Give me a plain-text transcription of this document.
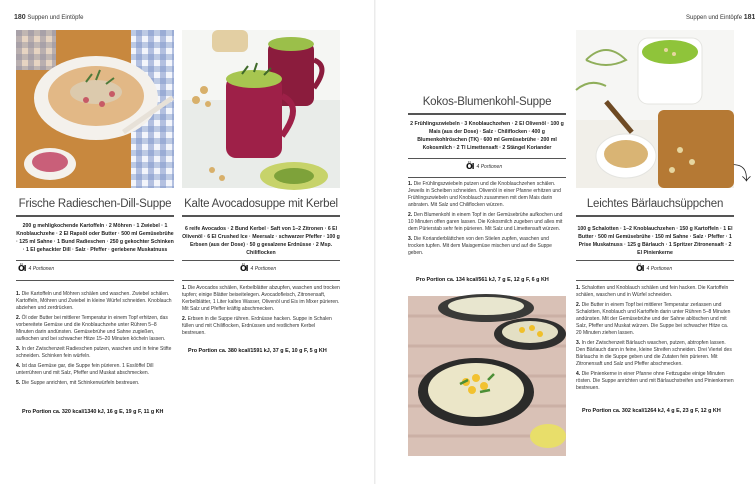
180 Suppen und Eintöpfe	Suppen und Eintöpfe 181
Frische Radieschen-Dill-Suppe
200 g mehligkochende Kartoffeln · 2 Möhren · 1 Zwiebel · 1 Knoblauchzehe · 2 El Rapsöl oder Butter · 500 ml Gemüsebrühe · 125 ml Sahne · 1 Bund Radieschen · 250 g gekochter Schinken · 1 El gehackter Dill · Salz · Pfeffer · geriebene Muskatnuss
Öl 4 Portionen

1. Die Kartoffeln und Möhren schälen und waschen. Zwiebel schälen. Kartoffeln, Möhren und Zwiebel in kleine Würfel schneiden. Knoblauch abziehen und zerdrücken.

2. Öl oder Butter bei mittlerer Temperatur in einem Topf erhitzen, das vorbereitete Gemüse und die Knoblauchzehe unter Rühren 5–8 Minuten darin andünsten. Gemüsebrühe und Sahne zugießen, aufkochen und bei schwacher Hitze 15–20 Minuten köcheln lassen.

3. In der Zwischenzeit Radieschen putzen, waschen und in feine Stifte schneiden. Schinken fein würfeln.

4. Ist das Gemüse gar, die Suppe fein pürieren. 1 Esslöffel Dill unterrühren und mit Salz, Pfeffer und Muskat abschmecken.

5. Die Suppe anrichten, mit Schinkenwürfeln bestreuen.

Pro Portion ca. 320 kcal/1340 kJ, 16 g E, 19 g F, 11 g KH
Kalte Avocadosuppe mit Kerbel
6 reife Avocados · 2 Bund Kerbel · Saft von 1–2 Zitronen · 6 El Olivenöl · 6 El Crushed Ice · Meersalz · schwarzer Pfeffer · 100 g Erbsen (aus der Dose) · 50 g gesalzene Erdnüsse · 2 Msp. Chiliflocken
Öl 4 Portionen

1. Die Avocados schälen, Kerbelblätter abzupfen, waschen und trocken tupfen; einige Blätter beiseitelegen. Avocadofleisch, Zitronensaft, Kerbelblätter, 1 Liter kaltes Wasser, Olivenöl und Eis im Mixer pürieren. Mit Salz und Pfeffer kräftig abschmecken.

2. Erbsen in die Suppe rühren. Erdnüsse hacken. Suppe in Schalen füllen und mit Chiliflocken, Erdnüssen und restlichem Kerbel bestreuen.

Pro Portion ca. 380 kcal/1591 kJ, 37 g E, 10 g F, 5 g KH
Kokos-Blumenkohl-Suppe
2 Frühlingszwiebeln · 3 Knoblauchzehen · 2 El Olivenöl · 100 g Mais (aus der Dose) · Salz · Chiliflocken · 400 g Blumenkohlröschen (TK) · 600 ml Gemüsebrühe · 200 ml Kokosmilch · 2 Tl Limettensaft · 2 Stängel Koriander
Öl 4 Portionen

1. Die Frühlingszwiebeln putzen und die Knoblauchzehen schälen. Jeweils in Scheiben schneiden. Olivenöl in einer Pfanne erhitzen und Frühlingszwiebeln und Knoblauch zusammen mit dem Mais darin anbraten. Mit Salz und Chiliflocken würzen.

2. Den Blumenkohl in einem Topf in der Gemüsebrühe aufkochen und 10 Minuten offen garen lassen. Die Kokosmilch zugeben und alles mit dem Pürierstab sehr fein pürieren. Mit Salz und Limettensaft würzen.

3. Die Korianderblättchen von den Stielen zupfen, waschen und trocken tupfen. Mit dem Maisgemüse mischen und auf die Suppe geben.

Pro Portion ca. 134 kcal/561 kJ, 7 g E, 12 g F, 6 g KH
⤵
Leichtes Bärlauchsüppchen
100 g Schalotten · 1–2 Knoblauchzehen · 150 g Kartoffeln · 1 El Butter · 500 ml Gemüsebrühe · 150 ml Sahne · Salz · Pfeffer · 1 Prise Muskatnuss · 125 g Bärlauch · 1 Spritzer Zitronensaft · 2 El Pinienkerne
Öl 4 Portionen

1. Schalotten und Knoblauch schälen und fein hacken. Die Kartoffeln schälen, waschen und in Würfel schneiden.

2. Die Butter in einem Topf bei mittlerer Temperatur zerlassen und Schalotten, Knoblauch und Kartoffeln darin unter Rühren 5–8 Minuten andünsten. Mit der Gemüsebrühe und der Sahne ablöschen und mit Salz, Pfeffer und Muskat würzen. Die Suppe bei schwacher Hitze ca. 20 Minuten ziehen lassen.

3. In der Zwischenzeit Bärlauch waschen, putzen, abtropfen lassen. Den Bärlauch dann in feine, kleine Streifen schneiden. Drei Viertel des Bärlauchs in die Suppe geben und die Zutaten fein pürieren. Mit Zitronensaft und Salz und Pfeffer abschmecken.

4. Die Pinienkerne in einer Pfanne ohne Fettzugabe einige Minuten rösten. Die Suppe anrichten und mit Bärlauchstreifen und Pinienkernen bestreuen.

Pro Portion ca. 302 kcal/1264 kJ, 4 g E, 23 g F, 12 g KH
